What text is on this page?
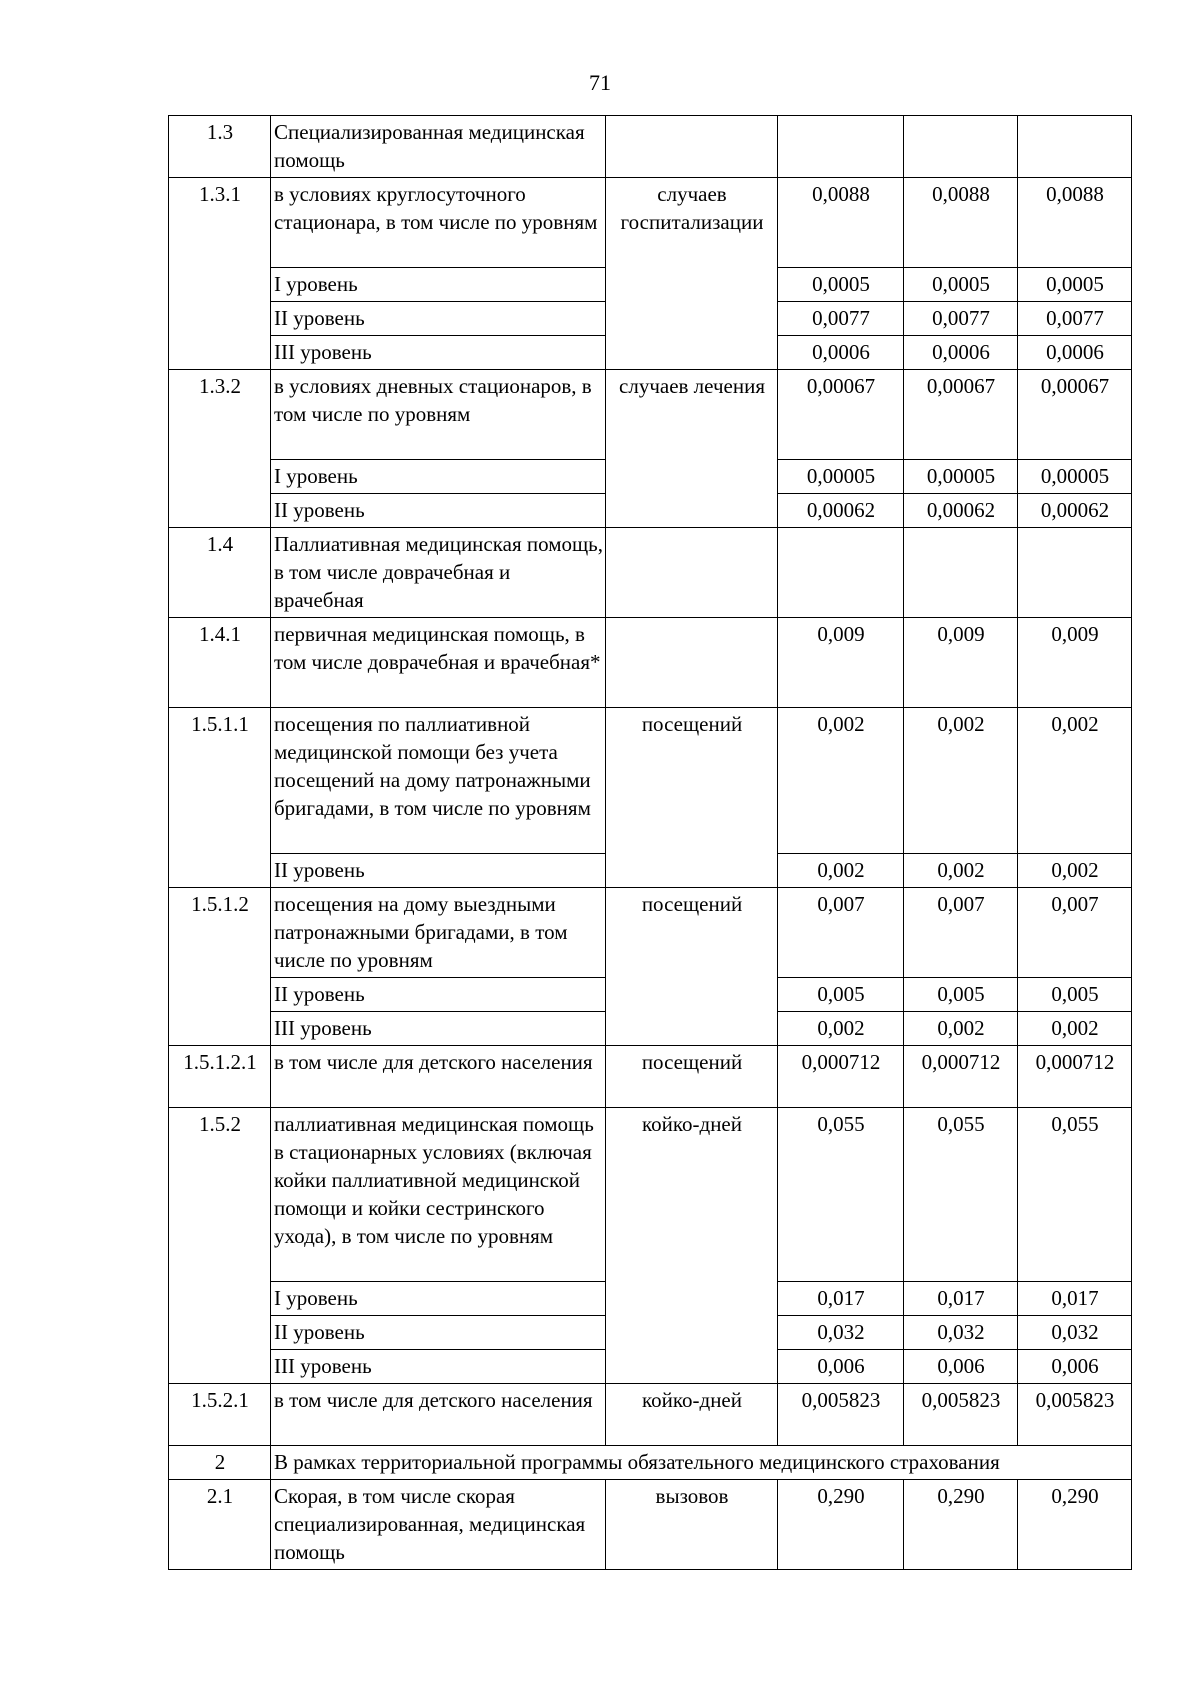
71
1.3	Специализированная медицинская помощь				
1.3.1	в условиях круглосуточного стационара, в том числе по уровням	случаев госпитализации	0,0088	0,0088	0,0088
	I уровень		0,0005	0,0005	0,0005
	II уровень		0,0077	0,0077	0,0077
	III уровень		0,0006	0,0006	0,0006
1.3.2	в условиях дневных стационаров, в том числе по уровням	случаев лечения	0,00067	0,00067	0,00067
	I уровень		0,00005	0,00005	0,00005
	II уровень		0,00062	0,00062	0,00062
1.4	Паллиативная медицинская помощь, в том числе доврачебная и врачебная				
1.4.1	первичная медицинская помощь, в том числе доврачебная и врачебная*		0,009	0,009	0,009
1.5.1.1	посещения по паллиативной медицинской помощи без учета посещений на дому патронажными бригадами, в том числе по уровням	посещений	0,002	0,002	0,002
	II уровень		0,002	0,002	0,002
1.5.1.2	посещения на дому выездными патронажными бригадами, в том числе по уровням	посещений	0,007	0,007	0,007
	II уровень		0,005	0,005	0,005
	III уровень		0,002	0,002	0,002
1.5.1.2.1	в том числе для детского населения	посещений	0,000712	0,000712	0,000712
1.5.2	паллиативная медицинская помощь в стационарных условиях (включая койки паллиативной медицинской помощи и койки сестринского ухода), в том числе по уровням	койко-дней	0,055	0,055	0,055
	I уровень		0,017	0,017	0,017
	II уровень		0,032	0,032	0,032
	III уровень		0,006	0,006	0,006
1.5.2.1	в том числе для детского населения	койко-дней	0,005823	0,005823	0,005823
2	В рамках территориальной программы обязательного медицинского страхования				
2.1	Скорая, в том числе скорая специализированная, медицинская помощь	вызовов	0,290	0,290	0,290
